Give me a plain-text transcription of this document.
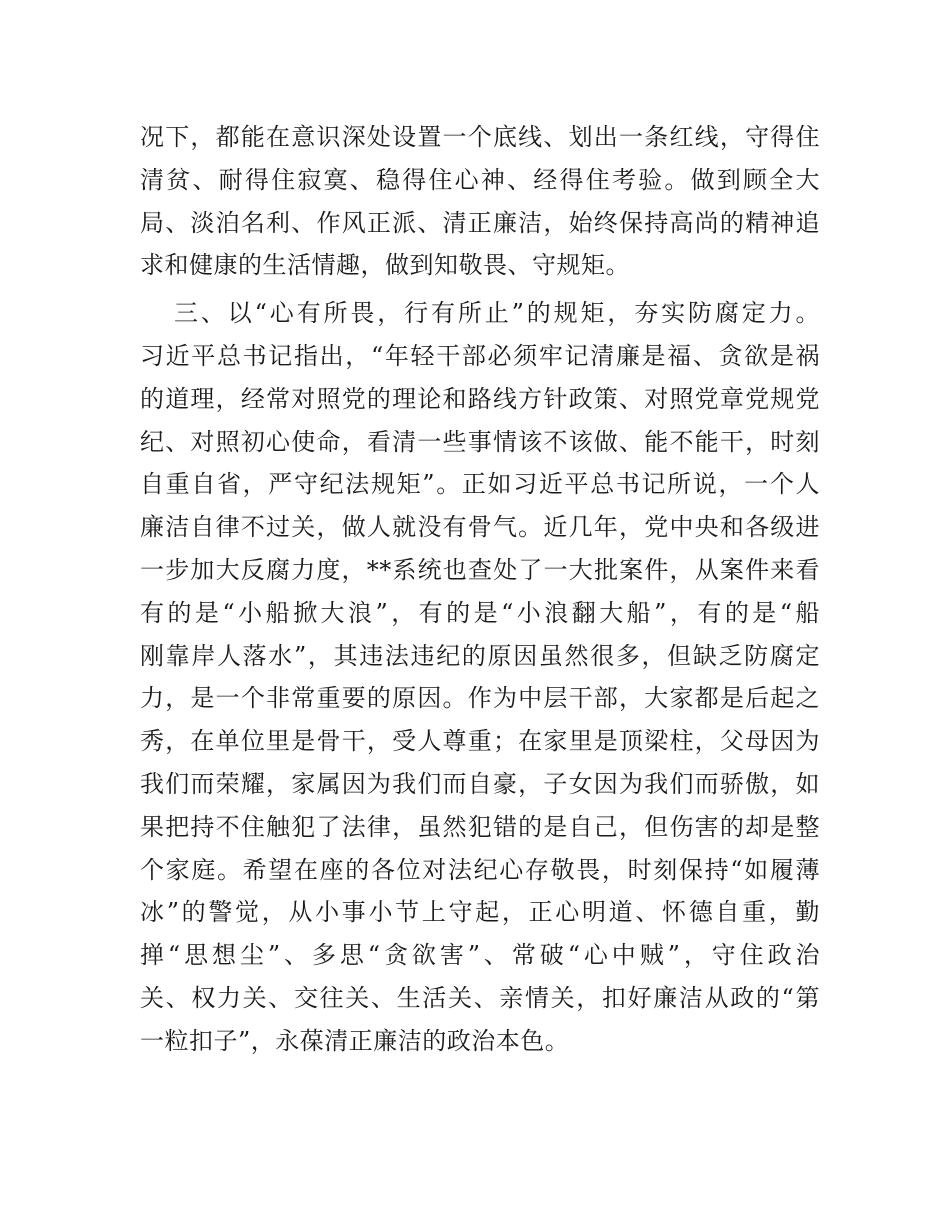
况下，都能在意识深处设置一个底线、划出一条红线，守得住
清贫、耐得住寂寞、稳得住心神、经得住考验。做到顾全大
局、淡泊名利、作风正派、清正廉洁，始终保持高尚的精神追
求和健康的生活情趣，做到知敬畏、守规矩。
三、以“心有所畏，行有所止”的规矩，夯实防腐定力。
习近平总书记指出，“年轻干部必须牢记清廉是福、贪欲是祸
的道理，经常对照党的理论和路线方针政策、对照党章党规党
纪、对照初心使命，看清一些事情该不该做、能不能干，时刻
自重自省，严守纪法规矩”。正如习近平总书记所说，一个人
廉洁自律不过关，做人就没有骨气。近几年，党中央和各级进
一步加大反腐力度，**系统也查处了一大批案件，从案件来看
有的是“小船掀大浪”，有的是“小浪翻大船”，有的是“船
刚靠岸人落水”，其违法违纪的原因虽然很多，但缺乏防腐定
力，是一个非常重要的原因。作为中层干部，大家都是后起之
秀，在单位里是骨干，受人尊重；在家里是顶梁柱，父母因为
我们而荣耀，家属因为我们而自豪，子女因为我们而骄傲，如
果把持不住触犯了法律，虽然犯错的是自己，但伤害的却是整
个家庭。希望在座的各位对法纪心存敬畏，时刻保持“如履薄
冰”的警觉，从小事小节上守起，正心明道、怀德自重，勤
掸“思想尘”、多思“贪欲害”、常破“心中贼”，守住政治
关、权力关、交往关、生活关、亲情关，扣好廉洁从政的“第
一粒扣子”，永葆清正廉洁的政治本色。
